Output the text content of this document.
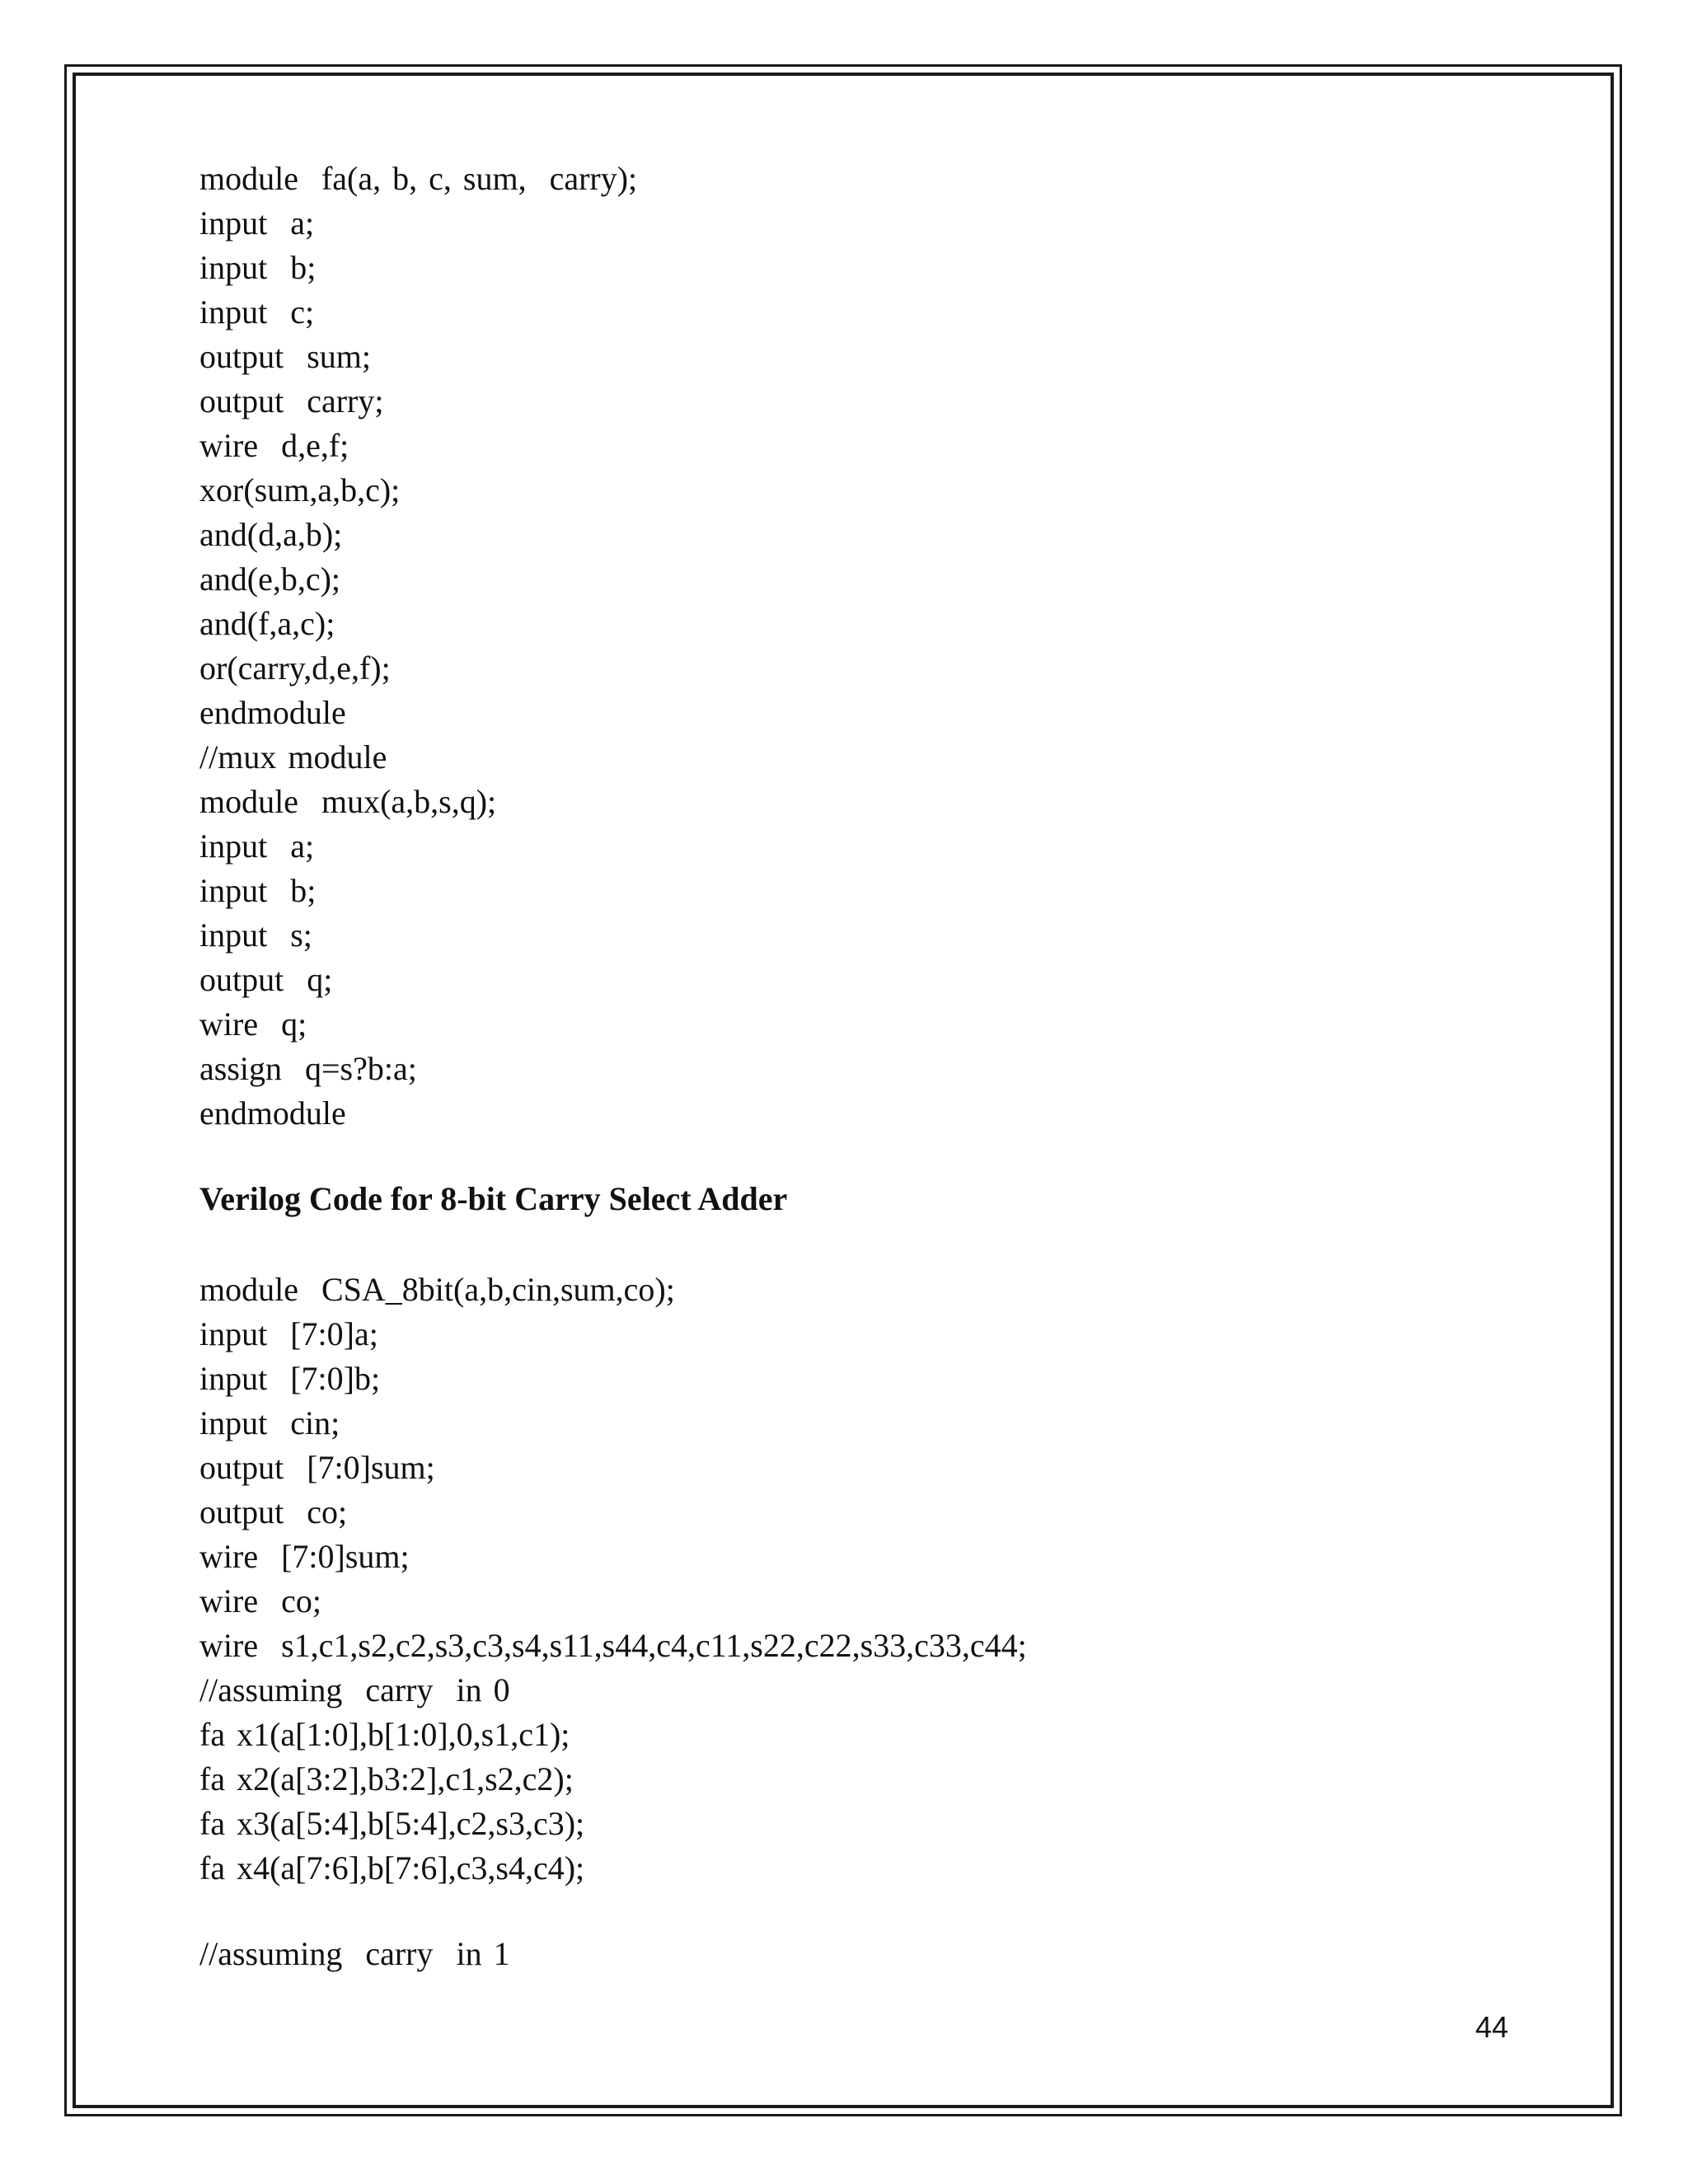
module  fa(a, b, c, sum,  carry);
input  a;
input  b;
input  c;
output  sum;
output  carry;
wire  d,e,f;
xor(sum,a,b,c);
and(d,a,b);
and(e,b,c);
and(f,a,c);
or(carry,d,e,f);
endmodule
//mux module
module  mux(a,b,s,q);
input  a;
input  b;
input  s;
output  q;
wire  q;
assign  q=s?b:a;
endmodule
Verilog Code for 8-bit Carry Select Adder
module  CSA_8bit(a,b,cin,sum,co);
input  [7:0]a;
input  [7:0]b;
input  cin;
output  [7:0]sum;
output  co;
wire  [7:0]sum;
wire  co;
wire  s1,c1,s2,c2,s3,c3,s4,s11,s44,c4,c11,s22,c22,s33,c33,c44;
//assuming  carry  in 0
fa x1(a[1:0],b[1:0],0,s1,c1);
fa x2(a[3:2],b3:2],c1,s2,c2);
fa x3(a[5:4],b[5:4],c2,s3,c3);
fa x4(a[7:6],b[7:6],c3,s4,c4);
//assuming  carry  in 1
44
